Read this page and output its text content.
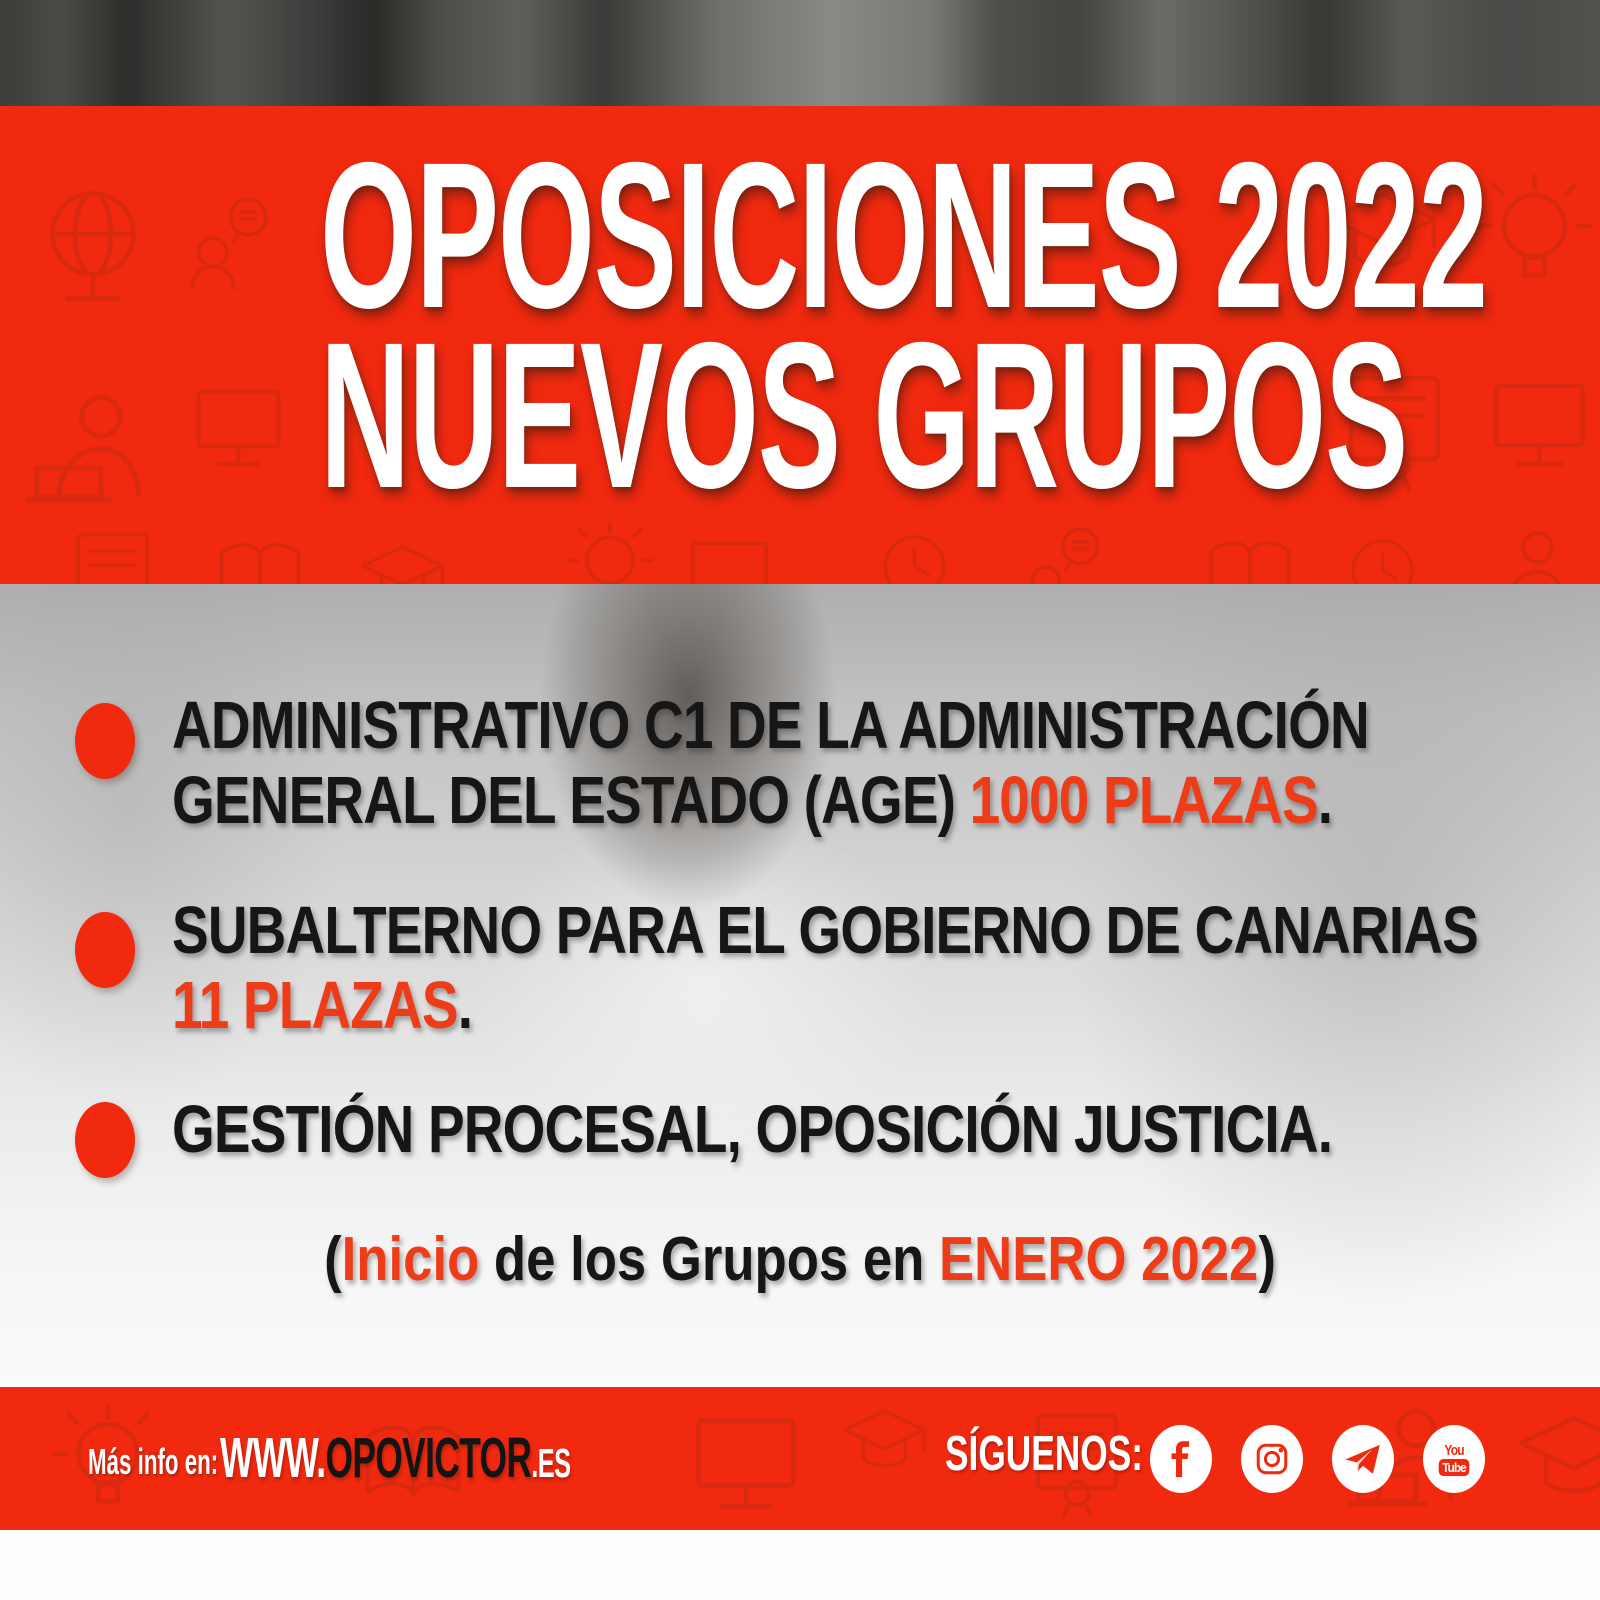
OPOSICIONES 2022
NUEVOS GRUPOS
ADMINISTRATIVO C1 DE LA ADMINISTRACIÓN
GENERAL DEL ESTADO (AGE) 1000 PLAZAS.
SUBALTERNO PARA EL GOBIERNO DE CANARIAS
11 PLAZAS.
GESTIÓN PROCESAL, OPOSICIÓN JUSTICIA.
(Inicio de los Grupos en ENERO 2022)
Más info en: WWW.OPOVICTOR.ES	SÍGUENOS:	You
Tube
